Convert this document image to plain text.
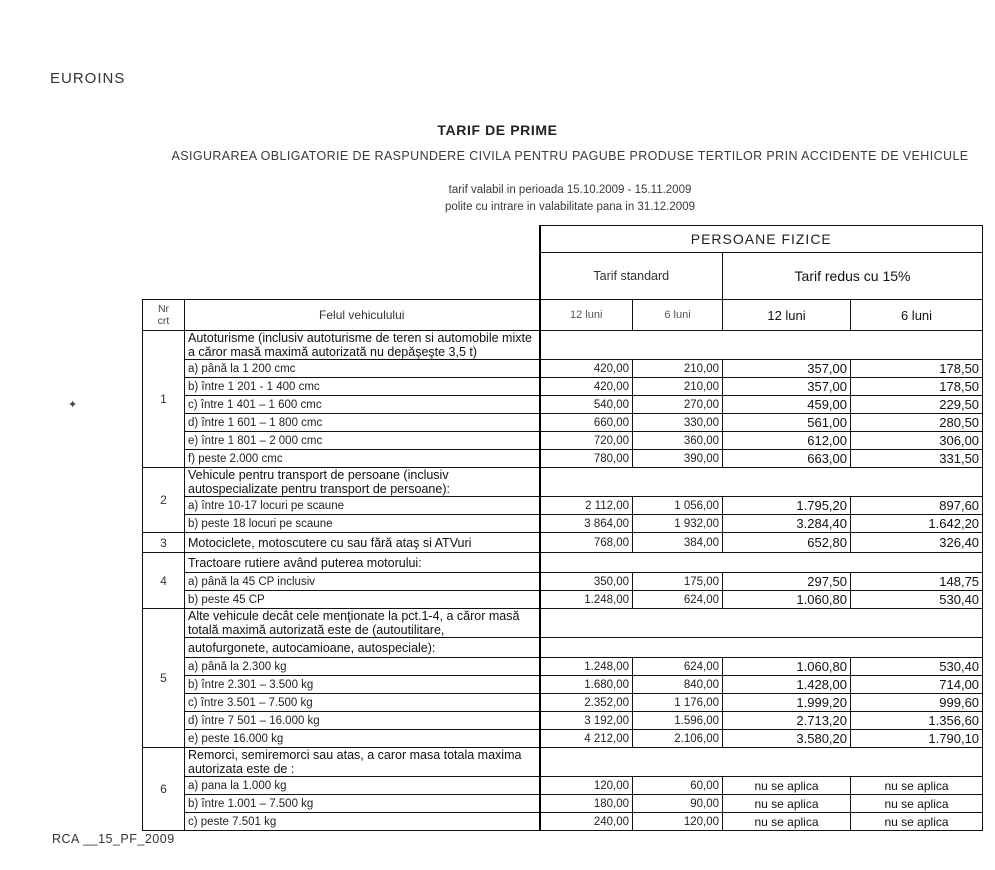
EUROINS
TARIF DE PRIME
ASIGURAREA OBLIGATORIE DE RASPUNDERE CIVILA PENTRU PAGUBE PRODUSE TERTILOR PRIN ACCIDENTE DE VEHICULE
tarif valabil in perioada 15.10.2009 - 15.11.2009
polite cu intrare in valabilitate pana in 31.12.2009
✦
		PERSOANE FIZICE			
		Tarif standard		Tarif redus cu 15%	

Nr
crt	Felul vehiculului	12 luni	6 luni	12 luni	6 luni
1	Autoturisme (inclusiv autoturisme de teren si automobile mixte a căror masă maximă autorizată nu depăşeşte 3,5 t)				
	a) până la 1 200 cmc	420,00	210,00	357,00	178,50
	b) între 1 201 - 1 400 cmc	420,00	210,00	357,00	178,50
	c) între 1 401 – 1 600 cmc	540,00	270,00	459,00	229,50
	d) între 1 601 – 1 800 cmc	660,00	330,00	561,00	280,50
	e) între 1 801 – 2 000 cmc	720,00	360,00	612,00	306,00
	f) peste 2.000 cmc	780,00	390,00	663,00	331,50
2	Vehicule pentru transport de persoane (inclusiv autospecializate pentru transport de persoane):				
	a) între 10-17 locuri pe scaune	2 112,00	1 056,00	1.795,20	897,60
	b) peste 18 locuri pe scaune	3 864,00	1 932,00	3.284,40	1.642,20
3	Motociclete, motoscutere cu sau fără ataş si ATVuri	768,00	384,00	652,80	326,40
4	Tractoare rutiere având puterea motorului:				
	a) până la 45 CP inclusiv	350,00	175,00	297,50	148,75
	b) peste 45 CP	1.248,00	624,00	1.060,80	530,40
5	Alte vehicule decât cele menţionate la pct.1-4, a căror masă totală maximă autorizată este de (autoutilitare,				
	autofurgonete, autocamioane, autospeciale):				
	a) până la 2.300 kg	1.248,00	624,00	1.060,80	530,40
	b) între 2.301 – 3.500 kg	1.680,00	840,00	1.428,00	714,00
	c) între 3.501 – 7.500 kg	2.352,00	1 176,00	1.999,20	999,60
	d) între 7 501 – 16.000 kg	3 192,00	1.596,00	2.713,20	1.356,60
	e) peste 16.000 kg	4 212,00	2.106,00	3.580,20	1.790,10
6	Remorci, semiremorci sau atas, a caror masa totala maxima autorizata este de :				
	a) pana la 1.000 kg	120,00	60,00	nu se aplica	nu se aplica
	b) între 1.001 – 7.500 kg	180,00	90,00	nu se aplica	nu se aplica
	c) peste 7.501 kg	240,00	120,00	nu se aplica	nu se aplica
RCA __15_PF_2009
